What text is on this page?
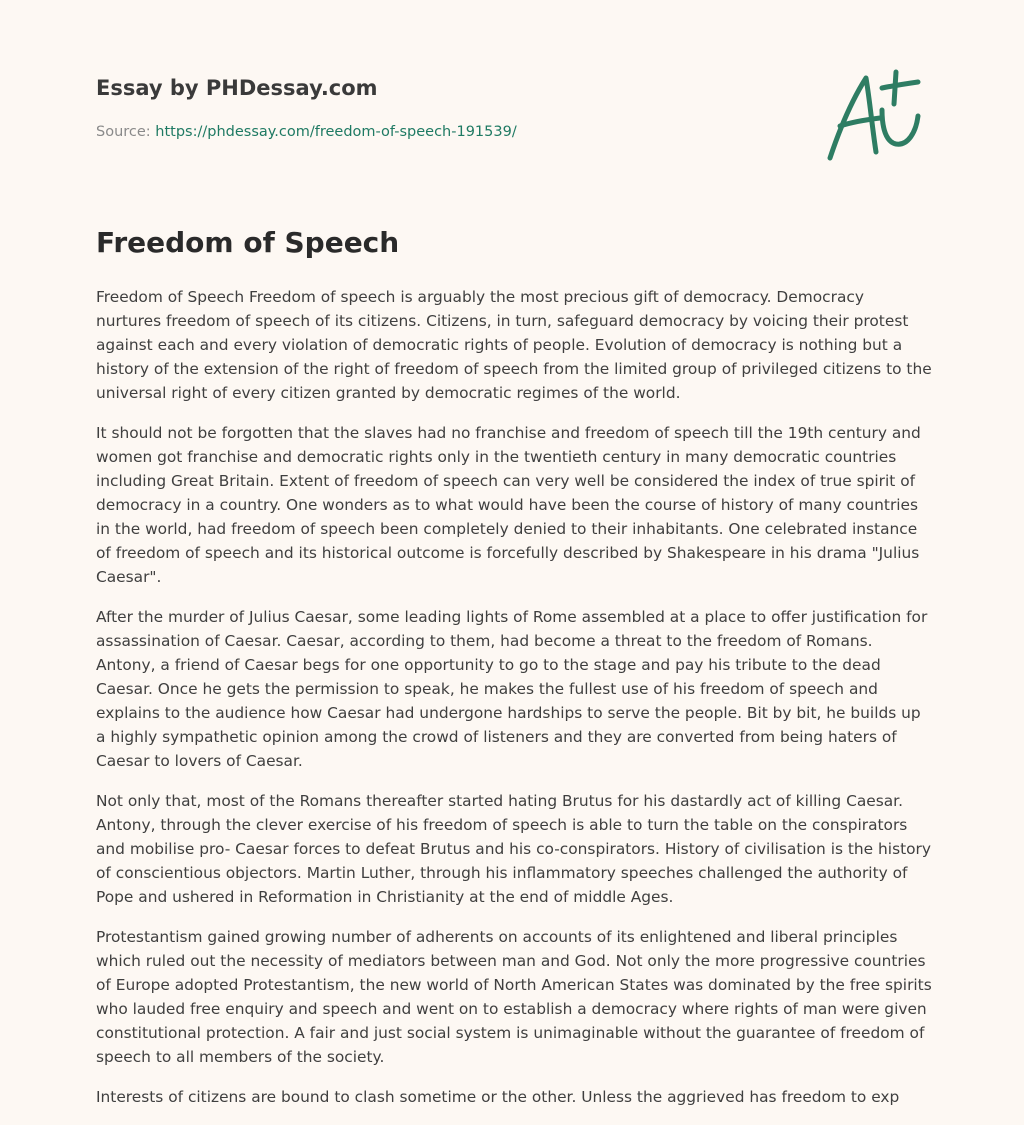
Essay by PHDessay.com
Source: https://phdessay.com/freedom-of-speech-191539/
Freedom of Speech

Freedom of Speech Freedom of speech is arguably the most precious gift of democracy. Democracy nurtures freedom of speech of its citizens. Citizens, in turn, safeguard democracy by voicing their protest against each and every violation of democratic rights of people. Evolution of democracy is nothing but a history of the extension of the right of freedom of speech from the limited group of privileged citizens to the universal right of every citizen granted by democratic regimes of the world.

It should not be forgotten that the slaves had no franchise and freedom of speech till the 19th century and women got franchise and democratic rights only in the twentieth century in many democratic countries including Great Britain. Extent of freedom of speech can very well be considered the index of true spirit of democracy in a country. One wonders as to what would have been the course of history of many countries in the world, had freedom of speech been completely denied to their inhabitants. One celebrated instance of freedom of speech and its historical outcome is forcefully described by Shakespeare in his drama "Julius Caesar".

After the murder of Julius Caesar, some leading lights of Rome assembled at a place to offer justification for assassination of Caesar. Caesar, according to them, had become a threat to the freedom of Romans. Antony, a friend of Caesar begs for one opportunity to go to the stage and pay his tribute to the dead Caesar. Once he gets the permission to speak, he makes the fullest use of his freedom of speech and explains to the audience how Caesar had undergone hardships to serve the people. Bit by bit, he builds up a highly sympathetic opinion among the crowd of listeners and they are converted from being haters of Caesar to lovers of Caesar.

Not only that, most of the Romans thereafter started hating Brutus for his dastardly act of killing Caesar. Antony, through the clever exercise of his freedom of speech is able to turn the table on the conspirators and mobilise pro- Caesar forces to defeat Brutus and his co-conspirators. History of civilisation is the history of conscientious objectors. Martin Luther, through his inflammatory speeches challenged the authority of Pope and ushered in Reformation in Christianity at the end of middle Ages.

Protestantism gained growing number of adherents on accounts of its enlightened and liberal principles which ruled out the necessity of mediators between man and God. Not only the more progressive countries of Europe adopted Protestantism, the new world of North American States was dominated by the free spirits who lauded free enquiry and speech and went on to establish a democracy where rights of man were given constitutional protection. A fair and just social system is unimaginable without the guarantee of freedom of speech to all members of the society.

Interests of citizens are bound to clash sometime or the other. Unless the aggrieved has freedom to exp
